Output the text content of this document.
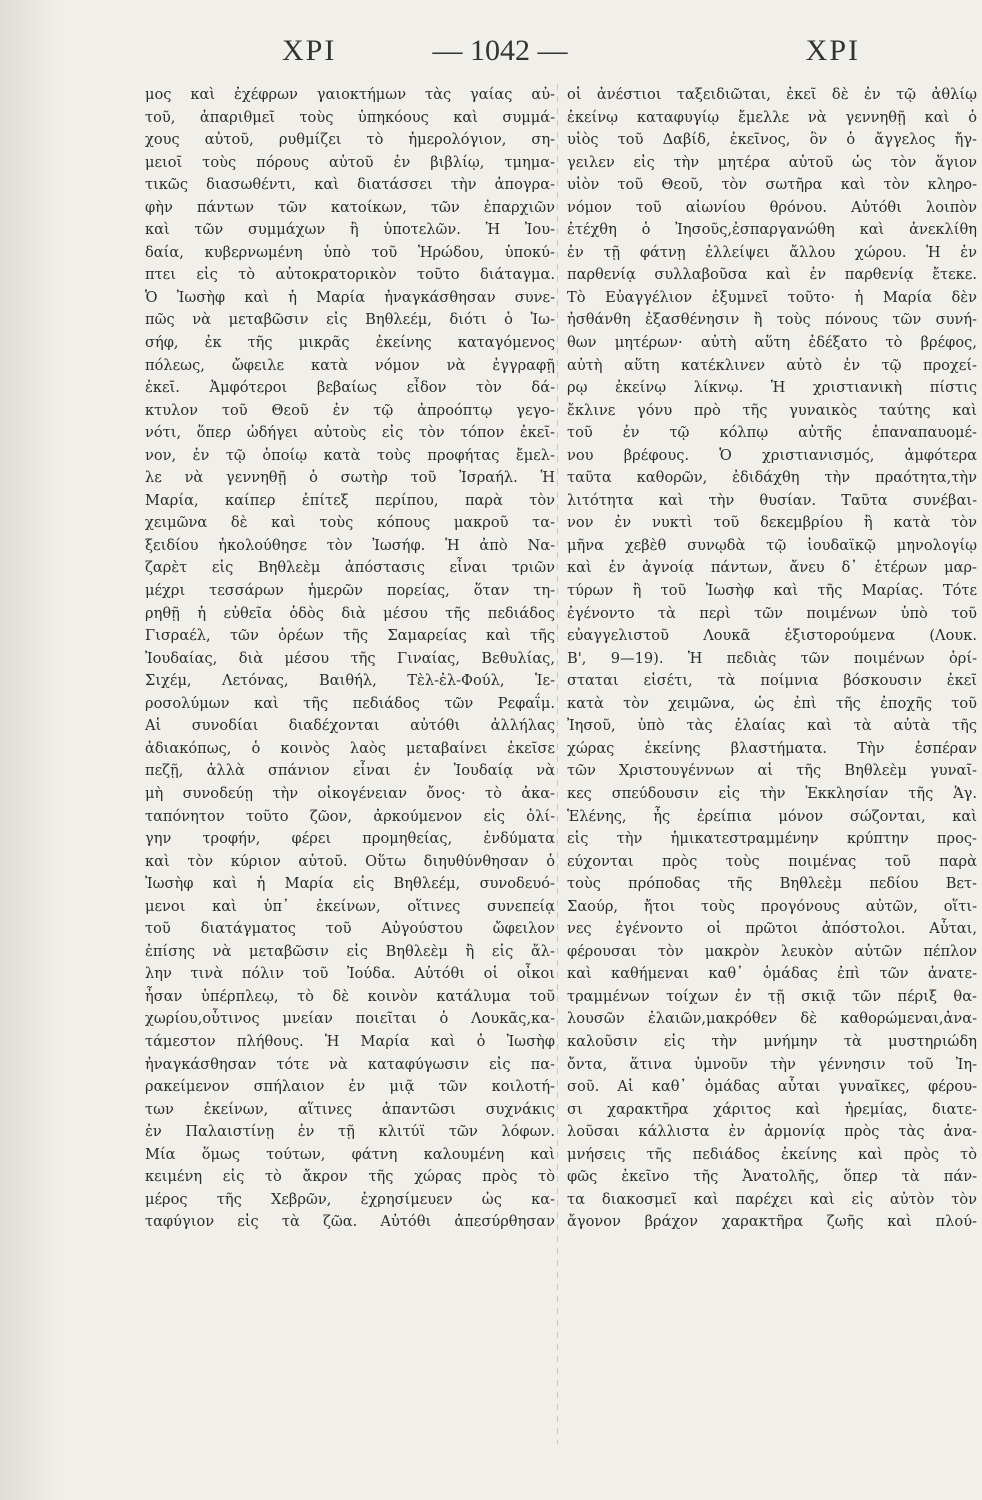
ΧΡΙ	— 1042 —	ΧΡΙ
μος καὶ ἐχέφρων γαιοκτήμων τὰς γαίας αὐ-
τοῦ, ἀπαριθμεῖ τοὺς ὑπηκόους καὶ συμμά-
χους αὐτοῦ, ρυθμίζει τὸ ἡμερολόγιον, ση-
μειοῖ τοὺς πόρους αὐτοῦ ἐν βιβλίῳ, τμημα-
τικῶς διασωθέντι, καὶ διατάσσει τὴν ἀπογρα-
φὴν πάντων τῶν κατοίκων, τῶν ἐπαρχιῶν
καὶ τῶν συμμάχων ἢ ὑποτελῶν. Ἡ Ἰου-
δαία, κυβερνωμένη ὑπὸ τοῦ Ἡρώδου, ὑποκύ-
πτει εἰς τὸ αὐτοκρατορικὸν τοῦτο διάταγμα.
Ὁ Ἰωσὴφ καὶ ἡ Μαρία ἠναγκάσθησαν συνε-
πῶς νὰ μεταβῶσιν εἰς Βηθλεέμ, διότι ὁ Ἰω-
σήφ, ἐκ τῆς μικρᾶς ἐκείνης καταγόμενος
πόλεως, ὤφειλε κατὰ νόμον νὰ ἐγγραφῇ
ἐκεῖ. Ἀμφότεροι βεβαίως εἶδον τὸν δά-
κτυλον τοῦ Θεοῦ ἐν τῷ ἀπροόπτῳ γεγο-
νότι, ὅπερ ὡδήγει αὐτοὺς εἰς τὸν τόπον ἐκεῖ-
νον, ἐν τῷ ὁποίῳ κατὰ τοὺς προφήτας ἔμελ-
λε νὰ γεννηθῇ ὁ σωτὴρ τοῦ Ἰσραήλ. Ἡ
Μαρία, καίπερ ἐπίτεξ περίπου, παρὰ τὸν
χειμῶνα δὲ καὶ τοὺς κόπους μακροῦ τα-
ξειδίου ἠκολούθησε τὸν Ἰωσήφ. Ἡ ἀπὸ Να-
ζαρὲτ εἰς Βηθλεὲμ ἀπόστασις εἶναι τριῶν
μέχρι τεσσάρων ἡμερῶν πορείας, ὅταν τη-
ρηθῇ ἡ εὐθεῖα ὁδὸς διὰ μέσου τῆς πεδιάδος
Γισραέλ, τῶν ὀρέων τῆς Σαμαρείας καὶ τῆς
Ἰουδαίας, διὰ μέσου τῆς Γιναίας, Βεθυλίας,
Σιχέμ, Λετόνας, Βαιθήλ, Τὲλ-ἐλ-Φούλ, Ἱε-
ροσολύμων καὶ τῆς πεδιάδος τῶν Ρεφαΐμ.
Αἱ συνοδίαι διαδέχονται αὐτόθι ἀλλήλας
ἀδιακόπως, ὁ κοινὸς λαὸς μεταβαίνει ἐκεῖσε
πεζῇ, ἀλλὰ σπάνιον εἶναι ἐν Ἰουδαίᾳ νὰ
μὴ συνοδεύῃ τὴν οἰκογένειαν ὄνος· τὸ ἀκα-
ταπόνητον τοῦτο ζῶον, ἀρκούμενον εἰς ὀλί-
γην τροφήν, φέρει προμηθείας, ἐνδύματα
καὶ τὸν κύριον αὐτοῦ. Οὕτω διηυθύνθησαν ὁ
Ἰωσὴφ καὶ ἡ Μαρία εἰς Βηθλεέμ, συνοδευό-
μενοι καὶ ὑπ᾽ ἐκείνων, οἵτινες συνεπείᾳ
τοῦ διατάγματος τοῦ Αὐγούστου ὤφειλον
ἐπίσης νὰ μεταβῶσιν εἰς Βηθλεὲμ ἢ εἰς ἄλ-
λην τινὰ πόλιν τοῦ Ἰούδα. Αὐτόθι οἱ οἶκοι
ἦσαν ὑπέρπλεῳ, τὸ δὲ κοινὸν κατάλυμα τοῦ
χωρίου,οὗτινος μνείαν ποιεῖται ὁ Λουκᾶς,κα-
τάμεστον πλήθους. Ἡ Μαρία καὶ ὁ Ἰωσὴφ
ἠναγκάσθησαν τότε νὰ καταφύγωσιν εἰς πα-
ρακείμενον σπήλαιον ἐν μιᾷ τῶν κοιλοτή-
των ἐκείνων, αἵτινες ἀπαντῶσι συχνάκις
ἐν Παλαιστίνῃ ἐν τῇ κλιτύϊ τῶν λόφων.
Μία ὅμως τούτων, φάτνη καλουμένη καὶ
κειμένη εἰς τὸ ἄκρον τῆς χώρας πρὸς τὸ
μέρος τῆς Χεβρῶν, ἐχρησίμευεν ὡς κα-
ταφύγιον εἰς τὰ ζῶα. Αὐτόθι ἀπεσύρθησαν
οἱ ἀνέστιοι ταξειδιῶται, ἐκεῖ δὲ ἐν τῷ ἀθλίῳ
ἐκείνῳ καταφυγίῳ ἔμελλε νὰ γεννηθῇ καὶ ὁ
υἱὸς τοῦ Δαβίδ, ἐκεῖνος, ὃν ὁ ἄγγελος ἤγ-
γειλεν εἰς τὴν μητέρα αὐτοῦ ὡς τὸν ἅγιον
υἱὸν τοῦ Θεοῦ, τὸν σωτῆρα καὶ τὸν κληρο-
νόμον τοῦ αἰωνίου θρόνου. Αὐτόθι λοιπὸν
ἐτέχθη ὁ Ἰησοῦς,ἐσπαργανώθη καὶ ἀνεκλίθη
ἐν τῇ φάτνῃ ἐλλείψει ἄλλου χώρου. Ἡ ἐν
παρθενίᾳ συλλαβοῦσα καὶ ἐν παρθενίᾳ ἔτεκε.
Τὸ Εὐαγγέλιον ἐξυμνεῖ τοῦτο· ἡ Μαρία δὲν
ἠσθάνθη ἐξασθένησιν ἢ τοὺς πόνους τῶν συνή-
θων μητέρων· αὐτὴ αὕτη ἐδέξατο τὸ βρέφος,
αὐτὴ αὕτη κατέκλινεν αὐτὸ ἐν τῷ προχεί-
ρῳ ἐκείνῳ λίκνῳ. Ἡ χριστιανικὴ πίστις
ἔκλινε γόνυ πρὸ τῆς γυναικὸς ταύτης καὶ
τοῦ ἐν τῷ κόλπῳ αὐτῆς ἐπαναπαυομέ-
νου βρέφους. Ὁ χριστιανισμός, ἀμφότερα
ταῦτα καθορῶν, ἐδιδάχθη τὴν πραότητα,τὴν
λιτότητα καὶ τὴν θυσίαν. Ταῦτα συνέβαι-
νον ἐν νυκτὶ τοῦ δεκεμβρίου ἢ κατὰ τὸν
μῆνα χεβὲθ συνῳδὰ τῷ ἰουδαϊκῷ μηνολογίῳ
καὶ ἐν ἀγνοίᾳ πάντων, ἄνευ δ᾽ ἑτέρων μαρ-
τύρων ἢ τοῦ Ἰωσὴφ καὶ τῆς Μαρίας. Τότε
ἐγένοντο τὰ περὶ τῶν ποιμένων ὑπὸ τοῦ
εὐαγγελιστοῦ Λουκᾶ ἐξιστορούμενα (Λουκ.
Β', 9—19). Ἡ πεδιὰς τῶν ποιμένων ὁρί-
σταται εἰσέτι, τὰ ποίμνια βόσκουσιν ἐκεῖ
κατὰ τὸν χειμῶνα, ὡς ἐπὶ τῆς ἐποχῆς τοῦ
Ἰησοῦ, ὑπὸ τὰς ἐλαίας καὶ τὰ αὐτὰ τῆς
χώρας ἐκείνης βλαστήματα. Τὴν ἑσπέραν
τῶν Χριστουγέννων αἱ τῆς Βηθλεὲμ γυναῖ-
κες σπεύδουσιν εἰς τὴν Ἐκκλησίαν τῆς Ἁγ.
Ἑλένης, ἧς ἐρείπια μόνον σώζονται, καὶ
εἰς τὴν ἡμικατεστραμμένην κρύπτην προς-
εύχονται πρὸς τοὺς ποιμένας τοῦ παρὰ
τοὺς πρόποδας τῆς Βηθλεὲμ πεδίου Βετ-
Σαούρ, ἤτοι τοὺς προγόνους αὐτῶν, οἵτι-
νες ἐγένοντο οἱ πρῶτοι ἀπόστολοι. Αὗται,
φέρουσαι τὸν μακρὸν λευκὸν αὐτῶν πέπλον
καὶ καθήμεναι καθ᾽ ὁμάδας ἐπὶ τῶν ἀνατε-
τραμμένων τοίχων ἐν τῇ σκιᾷ τῶν πέριξ θα-
λουσῶν ἐλαιῶν,μακρόθεν δὲ καθορώμεναι,ἀνα-
καλοῦσιν εἰς τὴν μνήμην τὰ μυστηριώδη
ὄντα, ἅτινα ὑμνοῦν τὴν γέννησιν τοῦ Ἰη-
σοῦ. Αἱ καθ᾽ ὁμάδας αὗται γυναῖκες, φέρου-
σι χαρακτῆρα χάριτος καὶ ἠρεμίας, διατε-
λοῦσαι κάλλιστα ἐν ἁρμονίᾳ πρὸς τὰς ἀνα-
μνήσεις τῆς πεδιάδος ἐκείνης καὶ πρὸς τὸ
φῶς ἐκεῖνο τῆς Ἀνατολῆς, ὅπερ τὰ πάν-
τα διακοσμεῖ καὶ παρέχει καὶ εἰς αὐτὸν τὸν
ἄγονον βράχον χαρακτῆρα ζωῆς καὶ πλού-
